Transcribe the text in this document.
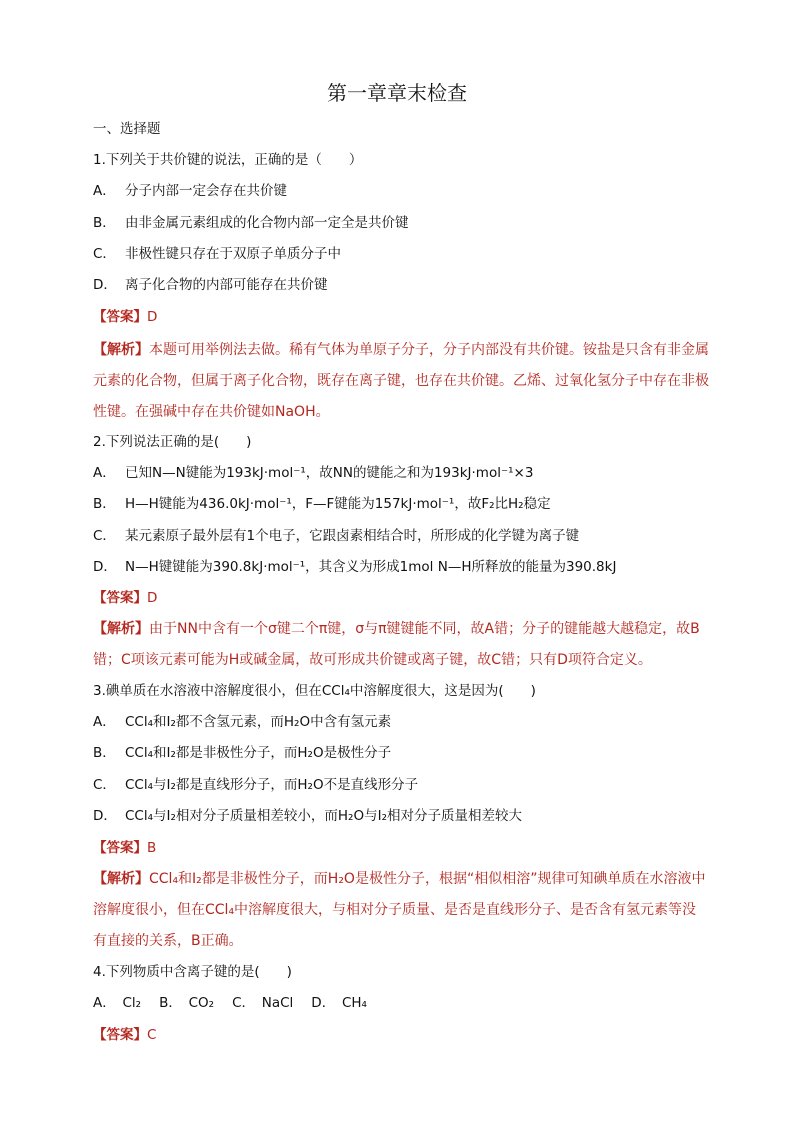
第一章章末检查
一、选择题
1.下列关于共价键的说法，正确的是（　　）
A． 分子内部一定会存在共价键
B． 由非金属元素组成的化合物内部一定全是共价键
C． 非极性键只存在于双原子单质分子中
D． 离子化合物的内部可能存在共价键
【答案】D
【解析】本题可用举例法去做。稀有气体为单原子分子，分子内部没有共价键。铵盐是只含有非金属元素的化合物，但属于离子化合物，既存在离子键，也存在共价键。乙烯、过氧化氢分子中存在非极性键。在强碱中存在共价键如NaOH。
2.下列说法正确的是(　　)
A． 已知N—N键能为193kJ·mol⁻¹，故NN的键能之和为193kJ·mol⁻¹×3
B． H—H键能为436.0kJ·mol⁻¹，F—F键能为157kJ·mol⁻¹，故F₂比H₂稳定
C． 某元素原子最外层有1个电子，它跟卤素相结合时，所形成的化学键为离子键
D． N—H键键能为390.8kJ·mol⁻¹，其含义为形成1mol N—H所释放的能量为390.8kJ
【答案】D
【解析】由于NN中含有一个σ键二个π键，σ与π键键能不同，故A错；分子的键能越大越稳定，故B错；C项该元素可能为H或碱金属，故可形成共价键或离子键，故C错；只有D项符合定义。
3.碘单质在水溶液中溶解度很小，但在CCl₄中溶解度很大，这是因为(　　)
A． CCl₄和I₂都不含氢元素，而H₂O中含有氢元素
B． CCl₄和I₂都是非极性分子，而H₂O是极性分子
C． CCl₄与I₂都是直线形分子，而H₂O不是直线形分子
D． CCl₄与I₂相对分子质量相差较小，而H₂O与I₂相对分子质量相差较大
【答案】B
【解析】CCl₄和I₂都是非极性分子，而H₂O是极性分子，根据“相似相溶”规律可知碘单质在水溶液中溶解度很小，但在CCl₄中溶解度很大，与相对分子质量、是否是直线形分子、是否含有氢元素等没有直接的关系，B正确。
4.下列物质中含离子键的是(　　)
A．　Cl₂ B．　CO₂ C．　NaCl D．　CH₄
【答案】C
